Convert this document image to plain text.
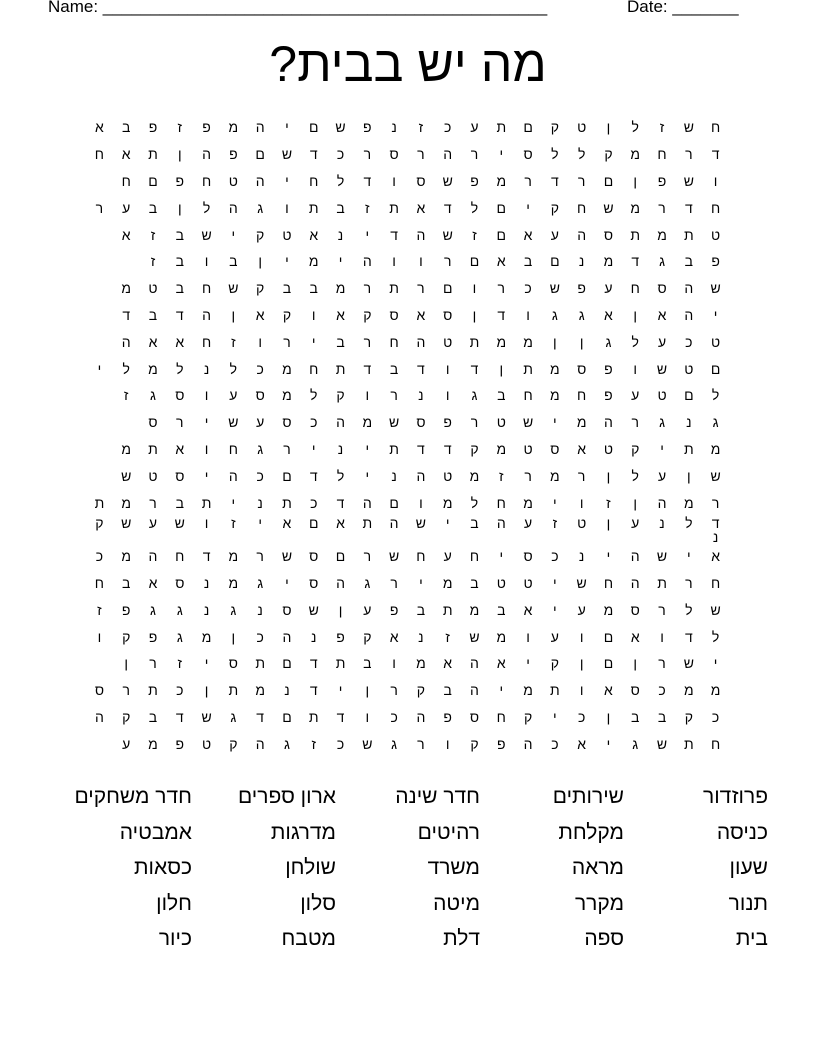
Name: _______________________________________________	Date: _______
מה יש בבית?
ח
ש
ז
ל
ן
ט
ק
ם
ת
ע
כ
ז
נ
פ
ש
ם
י
ה
מ
פ
ז
פ
ב
א
ד
ר
ח
מ
ק
ל
ל
ס
י
ר
ה
ר
ס
ר
כ
ד
ש
ם
פ
ה
ן
ת
א
ח
ו
ש
פ
ן
ם
ר
ד
ר
מ
פ
ש
ס
ו
ד
ל
ח
י
ה
ט
ח
פ
ם
ח
ח
ד
ר
מ
ש
ח
ק
י
ם
ל
ד
א
ת
ז
ב
ת
ו
ג
ה
ל
ן
ב
ע
ר
ט
ת
מ
ת
ס
ה
ע
א
ם
ז
ש
ה
ד
י
נ
א
ט
ק
י
ש
ב
ז
א
פ
ב
ג
ד
מ
נ
ם
ב
א
ם
ר
ו
ו
ה
י
מ
י
ן
ב
ו
ב
ז
ש
ה
ס
ח
ע
פ
ש
כ
ר
ו
ם
ר
ת
ר
מ
ב
ב
ק
ש
ח
ב
ט
מ
י
ה
א
ן
א
ג
ג
ו
ד
ן
ס
א
ס
ק
א
ו
ק
א
ן
ה
ד
ב
ד
ט
כ
ע
ל
ג
ן
ן
מ
מ
ת
ט
ה
ח
ר
ב
י
ר
ו
ז
ח
א
א
ה
ם
ט
ש
ו
פ
ס
מ
ת
ן
ד
ו
ד
ב
ד
ת
ח
מ
כ
ל
נ
ל
מ
ל
י
ל
ם
ט
ע
פ
ח
מ
ח
ב
ג
ו
נ
ר
ו
ק
ל
מ
ס
ע
ו
ס
ג
ז
ג
נ
ג
ר
ה
מ
י
ש
ט
ר
פ
ס
ש
מ
ה
כ
ס
ע
ש
י
ר
ס
מ
ת
י
ק
ט
א
ס
ט
מ
ק
ד
ד
ת
י
נ
י
ר
ג
ח
ו
א
ת
מ
ש
ן
ע
ל
ן
ר
מ
ר
ז
מ
ט
ה
נ
י
ל
ד
ם
כ
ה
י
ס
ט
ש
ר
מ
ה
ן
ז
ו
י
מ
ח
ל
מ
ו
ם
ה
ד
כ
ת
נ
י
ת
ב
ר
מ
ת
ד
ל
נ
ע
ן
ט
ז
ע
ה
ב
י
ש
ה
ת
א
ם
א
י
ז
ו
ש
ע
ש
ק
נ
א
י
ש
ה
י
נ
כ
ס
י
ח
ע
ח
ש
ר
ם
ס
ש
ר
מ
ד
ח
ה
מ
כ
ח
ר
ת
ה
ח
ש
י
ט
ט
ב
מ
י
ר
ג
ה
ס
י
ג
מ
נ
ס
א
ב
ח
ש
ל
ר
ס
מ
ע
י
א
ב
מ
ת
ב
פ
ע
ן
ש
ס
נ
ג
נ
ג
ג
פ
ז
ל
ד
ו
א
ם
ו
ע
ו
מ
ש
ז
נ
א
ק
פ
נ
ה
כ
ן
מ
ג
פ
ק
ו
י
ש
ר
ן
ם
ן
ק
י
א
ה
א
מ
ו
ב
ת
ד
ם
ת
ס
י
ז
ר
ן
מ
מ
כ
ס
א
ו
ת
מ
י
ה
ב
ק
ר
ן
י
ד
נ
מ
ת
ן
כ
ת
ר
ס
כ
ק
ב
ב
ן
כ
י
ק
ח
ס
פ
ה
כ
ו
ד
ת
ם
ד
ג
ש
ד
ב
ק
ה
ח
ת
ש
ג
י
א
כ
ה
פ
ק
ו
ר
ג
ש
כ
ז
ג
ה
ק
ט
פ
מ
ע
פרוזדור
שירותים
חדר שינה
ארון ספרים
חדר משחקים
כניסה
מקלחת
רהיטים
מדרגות
אמבטיה
שעון
מראה
משרד
שולחן
כסאות
תנור
מקרר
מיטה
סלון
חלון
בית
ספה
דלת
מטבח
כיור
